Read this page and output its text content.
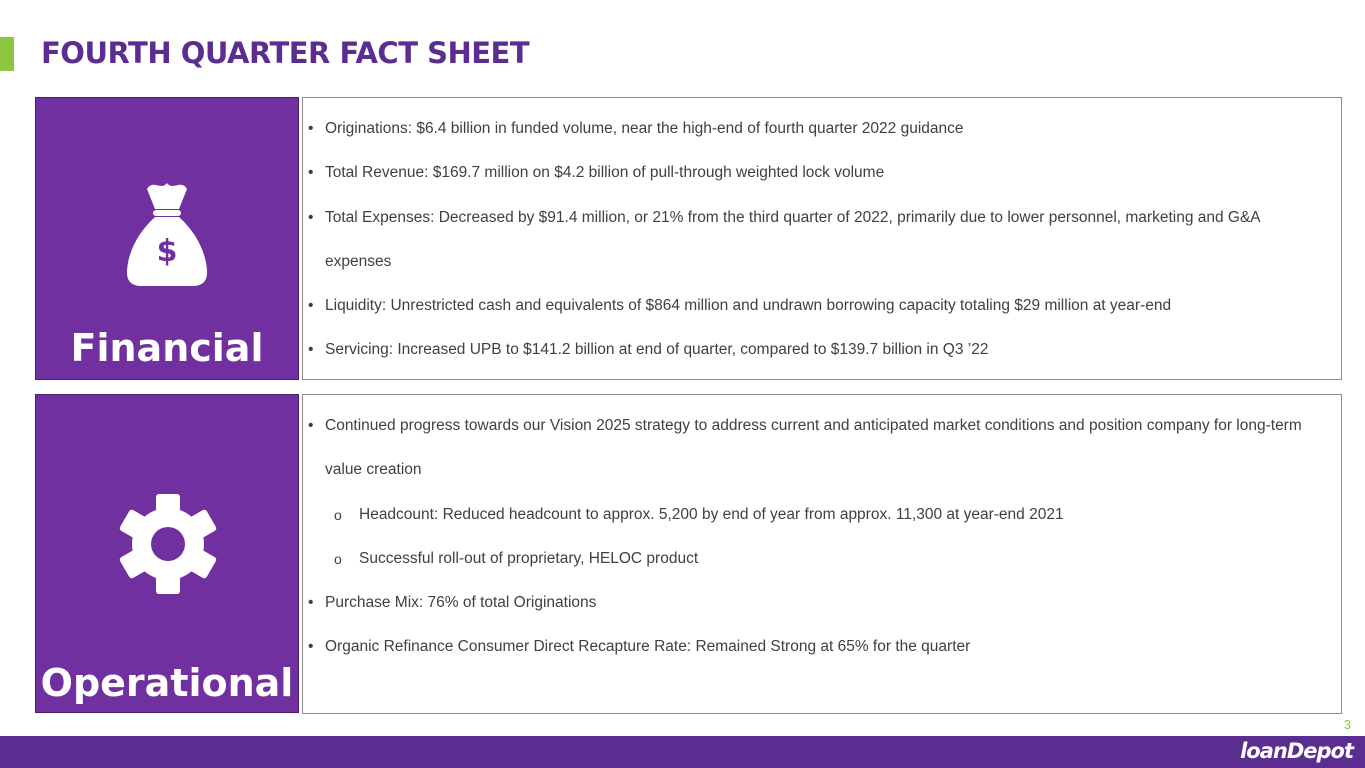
FOURTH QUARTER FACT SHEET
$
Financial
• Originations: $6.4 billion in funded volume, near the high-end of fourth quarter 2022 guidance
• Total Revenue: $169.7 million on $4.2 billion of pull-through weighted lock volume
• Total Expenses: Decreased by $91.4 million, or 21% from the third quarter of 2022, primarily due to lower personnel, marketing and G&A expenses
• Liquidity: Unrestricted cash and equivalents of $864 million and undrawn borrowing capacity totaling $29 million at year-end
• Servicing: Increased UPB to $141.2 billion at end of quarter, compared to $139.7 billion in Q3 ’22
Operational
• Continued progress towards our Vision 2025 strategy to address current and anticipated market conditions and position company for long-term value creation
o Headcount: Reduced headcount to approx. 5,200 by end of year from approx. 11,300 at year-end 2021
o Successful roll-out of proprietary, HELOC product
• Purchase Mix: 76% of total Originations
• Organic Refinance Consumer Direct Recapture Rate: Remained Strong at 65% for the quarter
3
loanDepot
